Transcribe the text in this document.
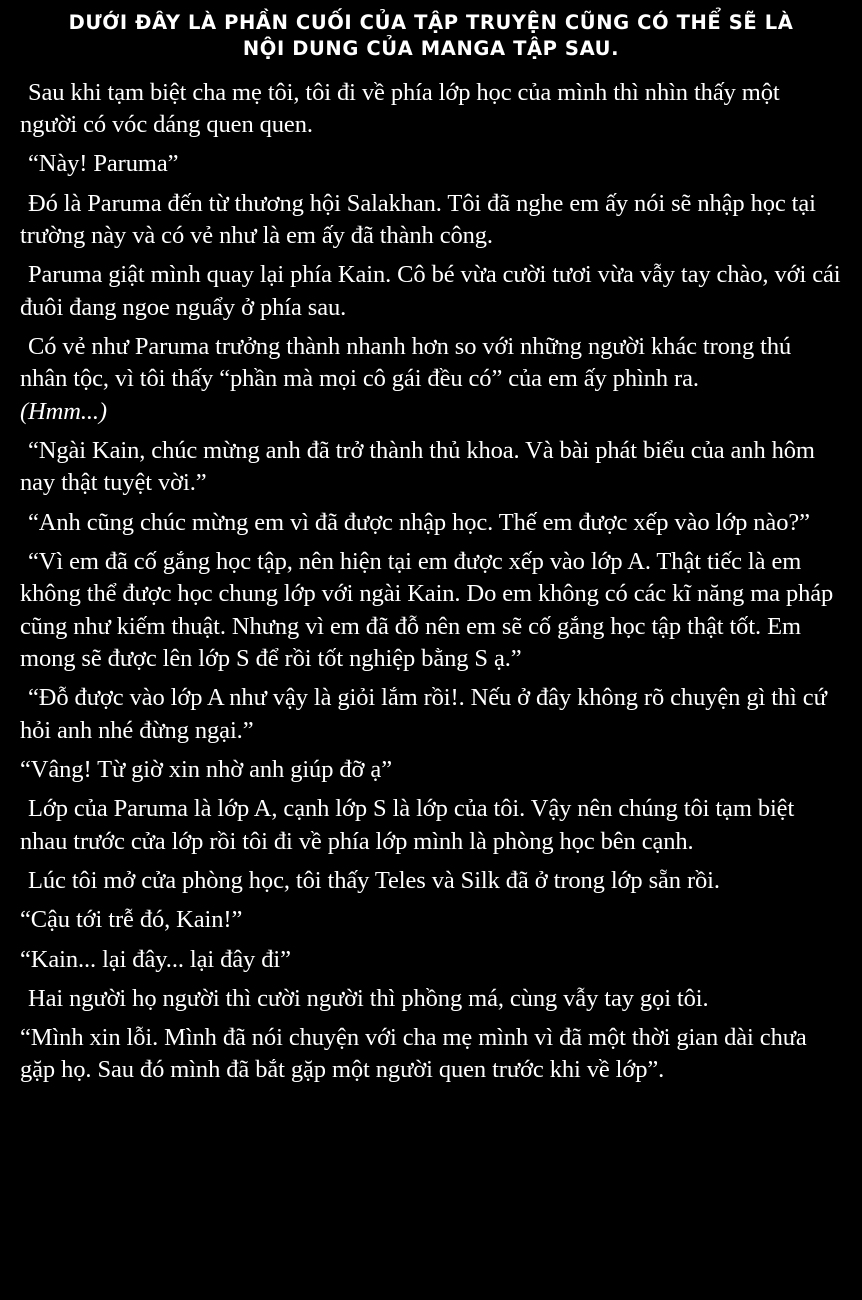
DƯỚI ĐÂY LÀ PHẦN CUỐI CỦA TẬP TRUYỆN CŨNG CÓ THỂ SẼ LÀ
NỘI DUNG CỦA MANGA TẬP SAU.

Sau khi tạm biệt cha mẹ tôi, tôi đi về phía lớp học của mình thì nhìn thấy một người có vóc dáng quen quen.

“Này! Paruma”

Đó là Paruma đến từ thương hội Salakhan. Tôi đã nghe em ấy nói sẽ nhập học tại trường này và có vẻ như là em ấy đã thành công.

Paruma giật mình quay lại phía Kain. Cô bé vừa cười tươi vừa vẫy tay chào, với cái đuôi đang ngoe nguẩy ở phía sau.

Có vẻ như Paruma trưởng thành nhanh hơn so với những người khác trong thú nhân tộc, vì tôi thấy “phần mà mọi cô gái đều có” của em ấy phình ra.
(Hmm...)

“Ngài Kain, chúc mừng anh đã trở thành thủ khoa. Và bài phát biểu của anh hôm nay thật tuyệt vời.”

“Anh cũng chúc mừng em vì đã được nhập học. Thế em được xếp vào lớp nào?”

“Vì em đã cố gắng học tập, nên hiện tại em được xếp vào lớp A. Thật tiếc là em không thể được học chung lớp với ngài Kain. Do em không có các kĩ năng ma pháp cũng như kiếm thuật. Nhưng vì em đã đỗ nên em sẽ cố gắng học tập thật tốt. Em mong sẽ được lên lớp S để rồi tốt nghiệp bằng S ạ.”

“Đỗ được vào lớp A như vậy là giỏi lắm rồi!. Nếu ở đây không rõ chuyện gì thì cứ hỏi anh nhé đừng ngại.”

“Vâng! Từ giờ xin nhờ anh giúp đỡ ạ”

Lớp của Paruma là lớp A, cạnh lớp S là lớp của tôi. Vậy nên chúng tôi tạm biệt nhau trước cửa lớp rồi tôi đi về phía lớp mình là phòng học bên cạnh.

Lúc tôi mở cửa phòng học, tôi thấy Teles và Silk đã ở trong lớp sẵn rồi.

“Cậu tới trễ đó, Kain!”

“Kain... lại đây... lại đây đi”

Hai người họ người thì cười người thì phồng má, cùng vẫy tay gọi tôi.

“Mình xin lỗi. Mình đã nói chuyện với cha mẹ mình vì đã một thời gian dài chưa gặp họ. Sau đó mình đã bắt gặp một người quen trước khi về lớp”.
